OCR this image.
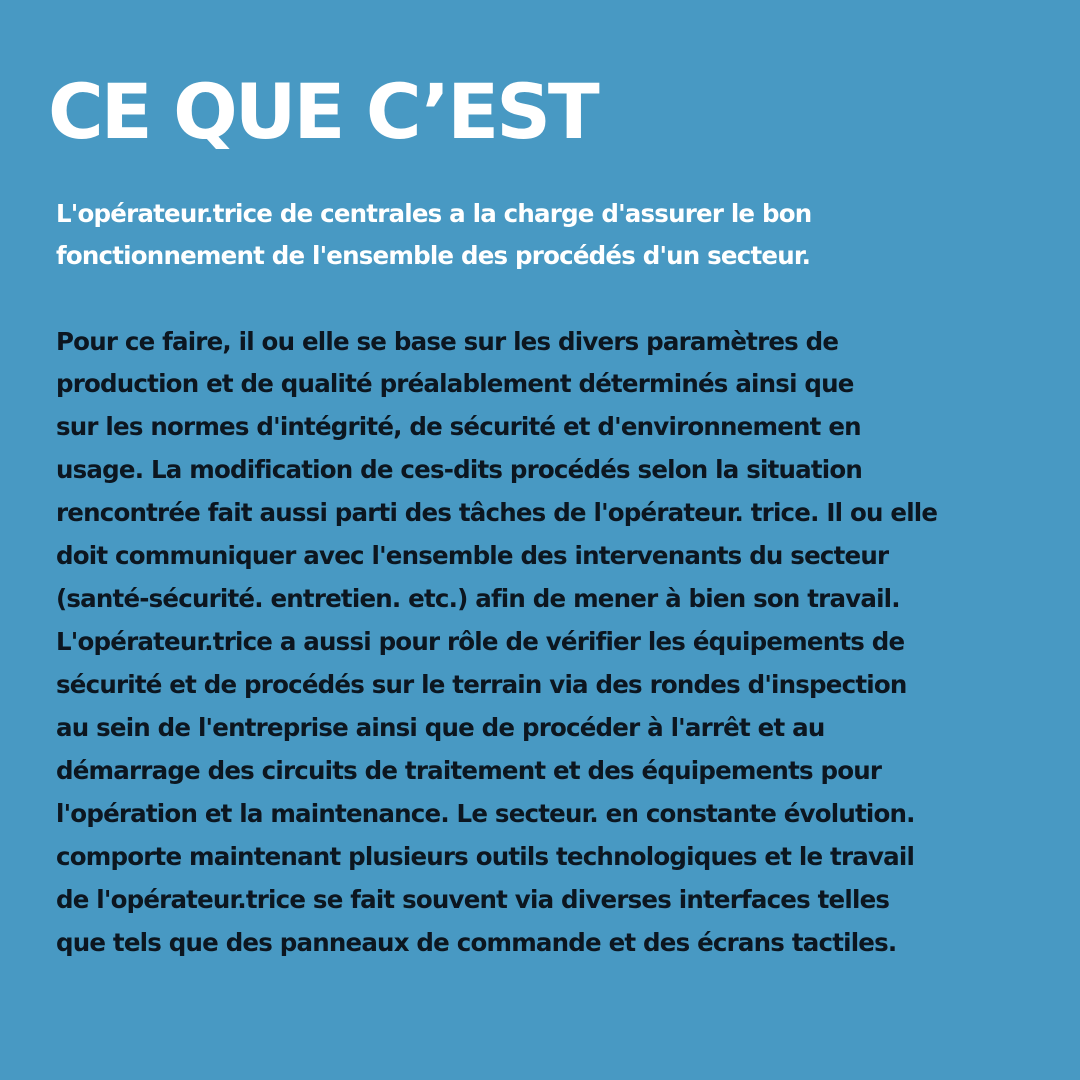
CE QUE C’EST

L'opérateur.trice de centrales a la charge d'assurer le bon

fonctionnement de l'ensemble des procédés d'un secteur.

Pour ce faire, il ou elle se base sur les divers paramètres de

production et de qualité préalablement déterminés ainsi que

sur les normes d'intégrité, de sécurité et d'environnement en

usage. La modification de ces-dits procédés selon la situation

rencontrée fait aussi parti des tâches de l'opérateur. trice. Il ou elle

doit communiquer avec l'ensemble des intervenants du secteur

(santé-sécurité. entretien. etc.) afin de mener à bien son travail.

L'opérateur.trice a aussi pour rôle de vérifier les équipements de

sécurité et de procédés sur le terrain via des rondes d'inspection

au sein de l'entreprise ainsi que de procéder à l'arrêt et au

démarrage des circuits de traitement et des équipements pour

l'opération et la maintenance. Le secteur. en constante évolution.

comporte maintenant plusieurs outils technologiques et le travail

de l'opérateur.trice se fait souvent via diverses interfaces telles

que tels que des panneaux de commande et des écrans tactiles.
